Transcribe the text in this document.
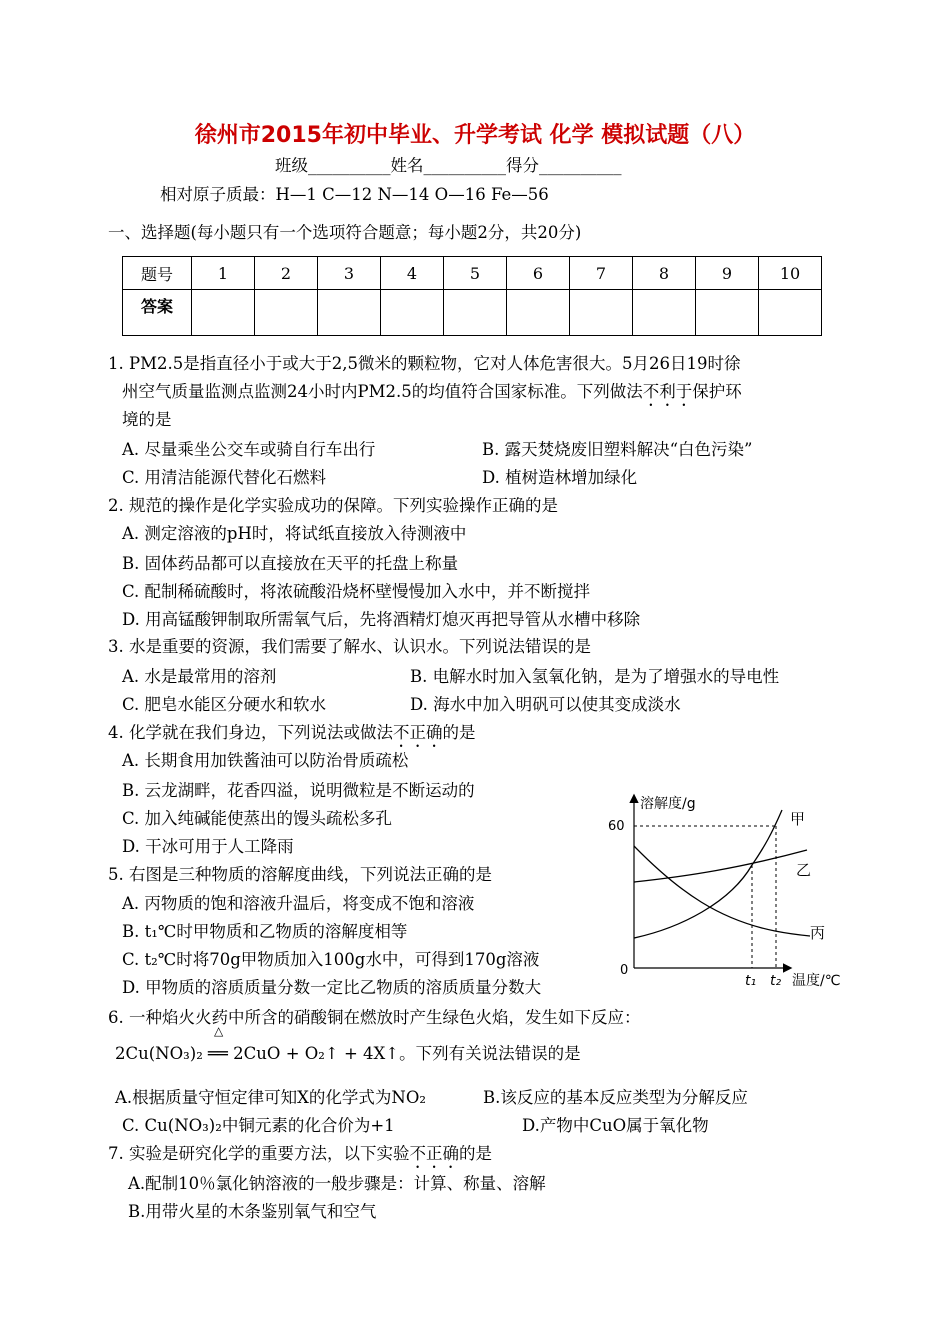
徐州市2015年初中毕业、升学考试 化学 模拟试题（八）
班级__________姓名__________得分__________
相对原子质最：H—1 C—12 N—14 O—16 Fe—56
一、选择题(每小题只有一个选项符合题意；每小题2分，共20分)
题号	1	2	3	4	5	6	7	8	9	10
答案										
1. PM2.5是指直径小于或大于2,5微米的颗粒物，它对人体危害很大。5月26日19时徐
州空气质量监测点监测24小时内PM2.5的均值符合国家标准。下列做法不利于保护环
境的是
A. 尽量乘坐公交车或骑自行车出行	B. 露天焚烧废旧塑料解决“白色污染”
C. 用清洁能源代替化石燃料	D. 植树造林增加绿化
2. 规范的操作是化学实验成功的保障。下列实验操作正确的是
A. 测定溶液的pH时，将试纸直接放入待测液中
B. 固体药品都可以直接放在天平的托盘上称量
C. 配制稀硫酸时，将浓硫酸沿烧杯壁慢慢加入水中，并不断搅拌
D. 用高锰酸钾制取所需氧气后，先将酒精灯熄灭再把导管从水槽中移除
3. 水是重要的资源，我们需要了解水、认识水。下列说法错误的是
A. 水是最常用的溶剂	B. 电解水时加入氢氧化钠，是为了增强水的导电性
C. 肥皂水能区分硬水和软水	D. 海水中加入明矾可以使其变成淡水
4. 化学就在我们身边，下列说法或做法不正确的是
A. 长期食用加铁酱油可以防治骨质疏松
B. 云龙湖畔，花香四溢，说明微粒是不断运动的
C. 加入纯碱能使蒸出的馒头疏松多孔
D. 干冰可用于人工降雨
5. 右图是三种物质的溶解度曲线，下列说法正确的是
A. 丙物质的饱和溶液升温后，将变成不饱和溶液
B. t₁℃时甲物质和乙物质的溶解度相等
C. t₂℃时将70g甲物质加入100g水中，可得到170g溶液
D. 甲物质的溶质质量分数一定比乙物质的溶质质量分数大
溶解度/g
60
0
甲
乙
丙
t₁ t₂ 温度/℃
6. 一种焰火火药中所含的硝酸铜在燃放时产生绿色火焰，发生如下反应：
△
2Cu(NO₃)₂ ══ 2CuO + O₂↑ + 4X↑。下列有关说法错误的是
A.根据质量守恒定律可知X的化学式为NO₂	B.该反应的基本反应类型为分解反应
C. Cu(NO₃)₂中铜元素的化合价为+1	D.产物中CuO属于氧化物
7. 实验是研究化学的重要方法，以下实验不正确的是
A.配制10％氯化钠溶液的一般步骤是：计算、称量、溶解
B.用带火星的木条鉴别氧气和空气
